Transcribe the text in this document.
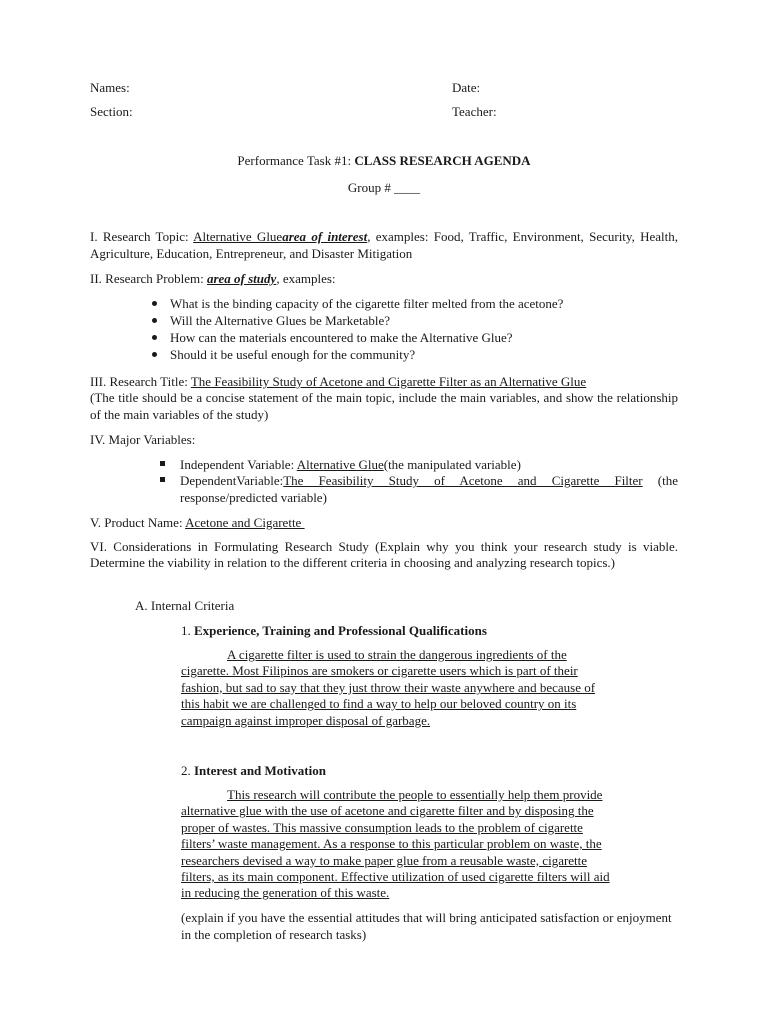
Names:	Date:
Section:	Teacher:
Performance Task #1: CLASS RESEARCH AGENDA
Group # ____
I. Research Topic: Alternative Gluearea of interest, examples: Food, Traffic, Environment, Security, Health, Agriculture, Education, Entrepreneur, and Disaster Mitigation
II. Research Problem: area of study, examples:
What is the binding capacity of the cigarette filter melted from the acetone?
Will the Alternative Glues be Marketable?
How can the materials encountered to make the Alternative Glue?
Should it be useful enough for the community?
III. Research Title: The Feasibility Study of Acetone and Cigarette Filter as an Alternative Glue
(The title should be a concise statement of the main topic, include the main variables, and show the relationship of the main variables of the study)
IV. Major Variables:
Independent Variable: Alternative Glue(the manipulated variable)
DependentVariable:The Feasibility Study of Acetone and Cigarette Filter (the response/predicted variable)
V. Product Name: Acetone and Cigarette
VI. Considerations in Formulating Research Study (Explain why you think your research study is viable. Determine the viability in relation to the different criteria in choosing and analyzing research topics.)
A. Internal Criteria
1. Experience, Training and Professional Qualifications
A cigarette filter is used to strain the dangerous ingredients of the
cigarette. Most Filipinos are smokers or cigarette users which is part of their
fashion, but sad to say that they just throw their waste anywhere and because of
this habit we are challenged to find a way to help our beloved country on its
campaign against improper disposal of garbage.
2. Interest and Motivation
This research will contribute the people to essentially help them provide
alternative glue with the use of acetone and cigarette filter and by disposing the
proper of wastes. This massive consumption leads to the problem of cigarette
filters’ waste management. As a response to this particular problem on waste, the
researchers devised a way to make paper glue from a reusable waste, cigarette
filters, as its main component. Effective utilization of used cigarette filters will aid
in reducing the generation of this waste.
(explain if you have the essential attitudes that will bring anticipated satisfaction or enjoyment in the completion of research tasks)
